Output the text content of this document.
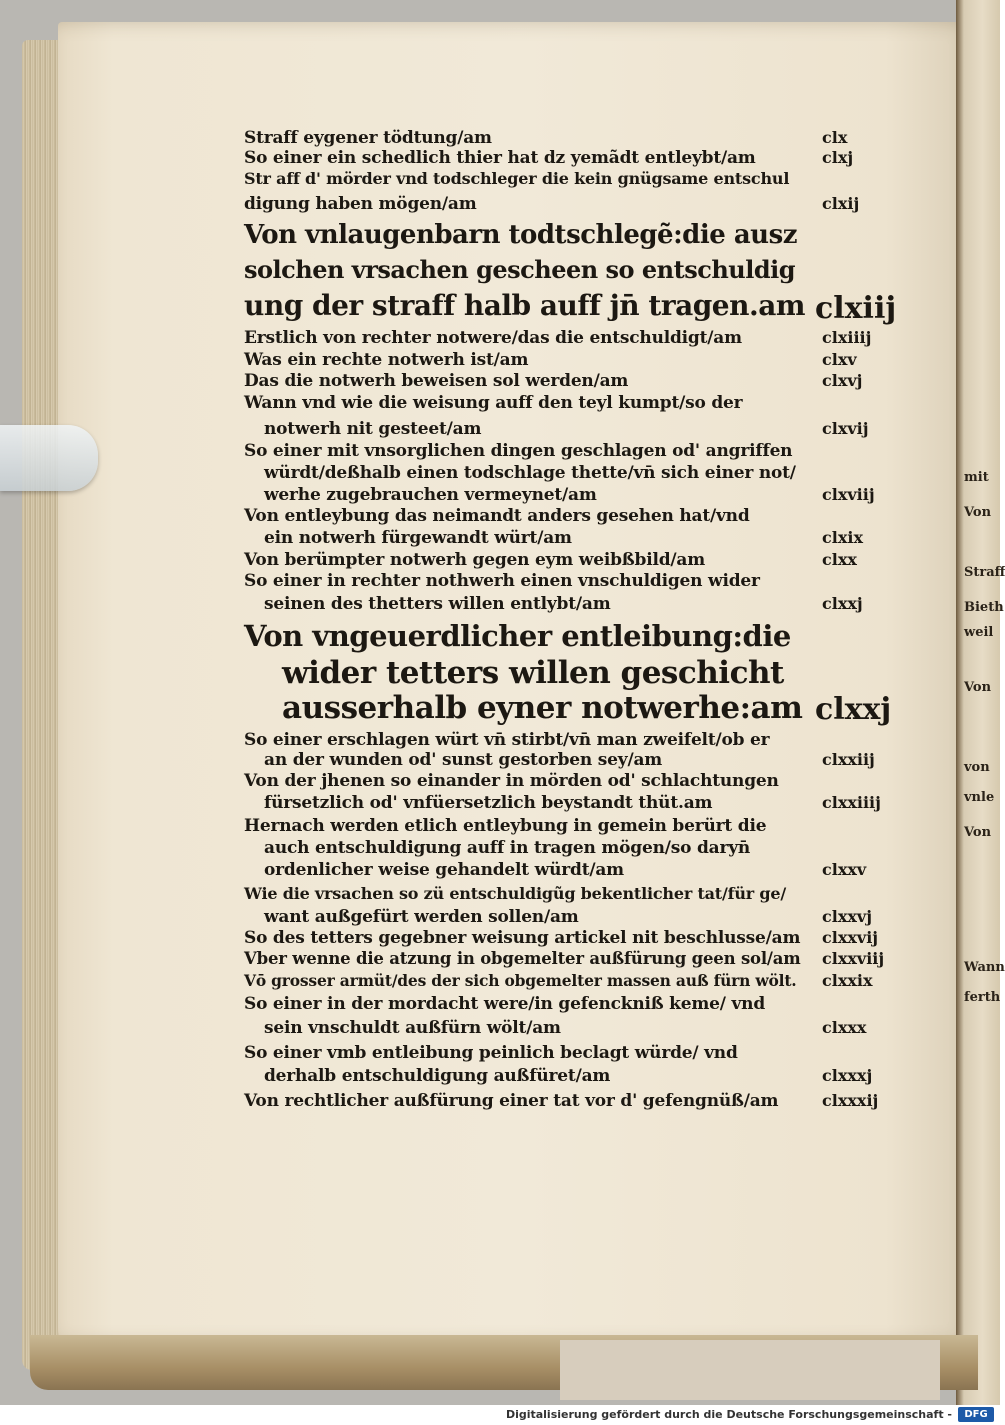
Straff eygener tödtung/am	clx
So einer ein schedlich thier hat dz yemãdt entleybt/am	clxj
Str aff d' mörder vnd todschleger die kein gnügsame entschul
digung haben mögen/am	clxij
Von vnlaugenbarn todtschlegẽ:die ausz
solchen vrsachen gescheen so entschuldig
ung der straff halb auff jn̄ tragen.am clxiij
Erstlich von rechter notwere/das die entschuldigt/am	clxiiij
Was ein rechte notwerh ist/am	clxv
Das die notwerh beweisen sol werden/am	clxvj
Wann vnd wie die weisung auff den teyl kumpt/so der
notwerh nit gesteet/am	clxvij
So einer mit vnsorglichen dingen geschlagen od' angriffen
würdt/deßhalb einen todschlage thette/vn̄ sich einer not/
werhe zugebrauchen vermeynet/am	clxviij
Von entleybung das neimandt anders gesehen hat/vnd
ein notwerh fürgewandt würt/am	clxix
Von berümpter notwerh gegen eym weibßbild/am	clxx
So einer in rechter nothwerh einen vnschuldigen wider
seinen des thetters willen entlybt/am	clxxj
Von vngeuerdlicher entleibung:die
wider tetters willen geschicht
ausserhalb eyner notwerhe:am clxxj
So einer erschlagen würt vn̄ stirbt/vn̄ man zweifelt/ob er
an der wunden od' sunst gestorben sey/am	clxxiij
Von der jhenen so einander in mörden od' schlachtungen
fürsetzlich od' vnfüersetzlich beystandt thüt.am	clxxiiij
Hernach werden etlich entleybung in gemein berürt die
auch entschuldigung auff in tragen mögen/so daryn̄
ordenlicher weise gehandelt würdt/am	clxxv
Wie die vrsachen so zü entschuldigũg bekentlicher tat/für ge/
want außgefürt werden sollen/am	clxxvj
So des tetters gegebner weisung artickel nit beschlusse/am clxxvij
Vber wenne die atzung in obgemelter außfürung geen sol/am clxxviij
Vō grosser armüt/des der sich obgemelter massen auß fürn wölt. clxxix
So einer in der mordacht were/in gefenckniß keme/ vnd
sein vnschuldt außfürn wölt/am	clxxx
So einer vmb entleibung peinlich beclagt würde/ vnd
derhalb entschuldigung außfüret/am	clxxxj
Von rechtlicher außfürung einer tat vor d' gefengnüß/am	clxxxij
Von
mit
Straff
Bieth
weil
Von
Von
von
vnle
Wann
ferth
Digitalisierung gefördert durch die Deutsche Forschungsgemeinschaft -	DFG
